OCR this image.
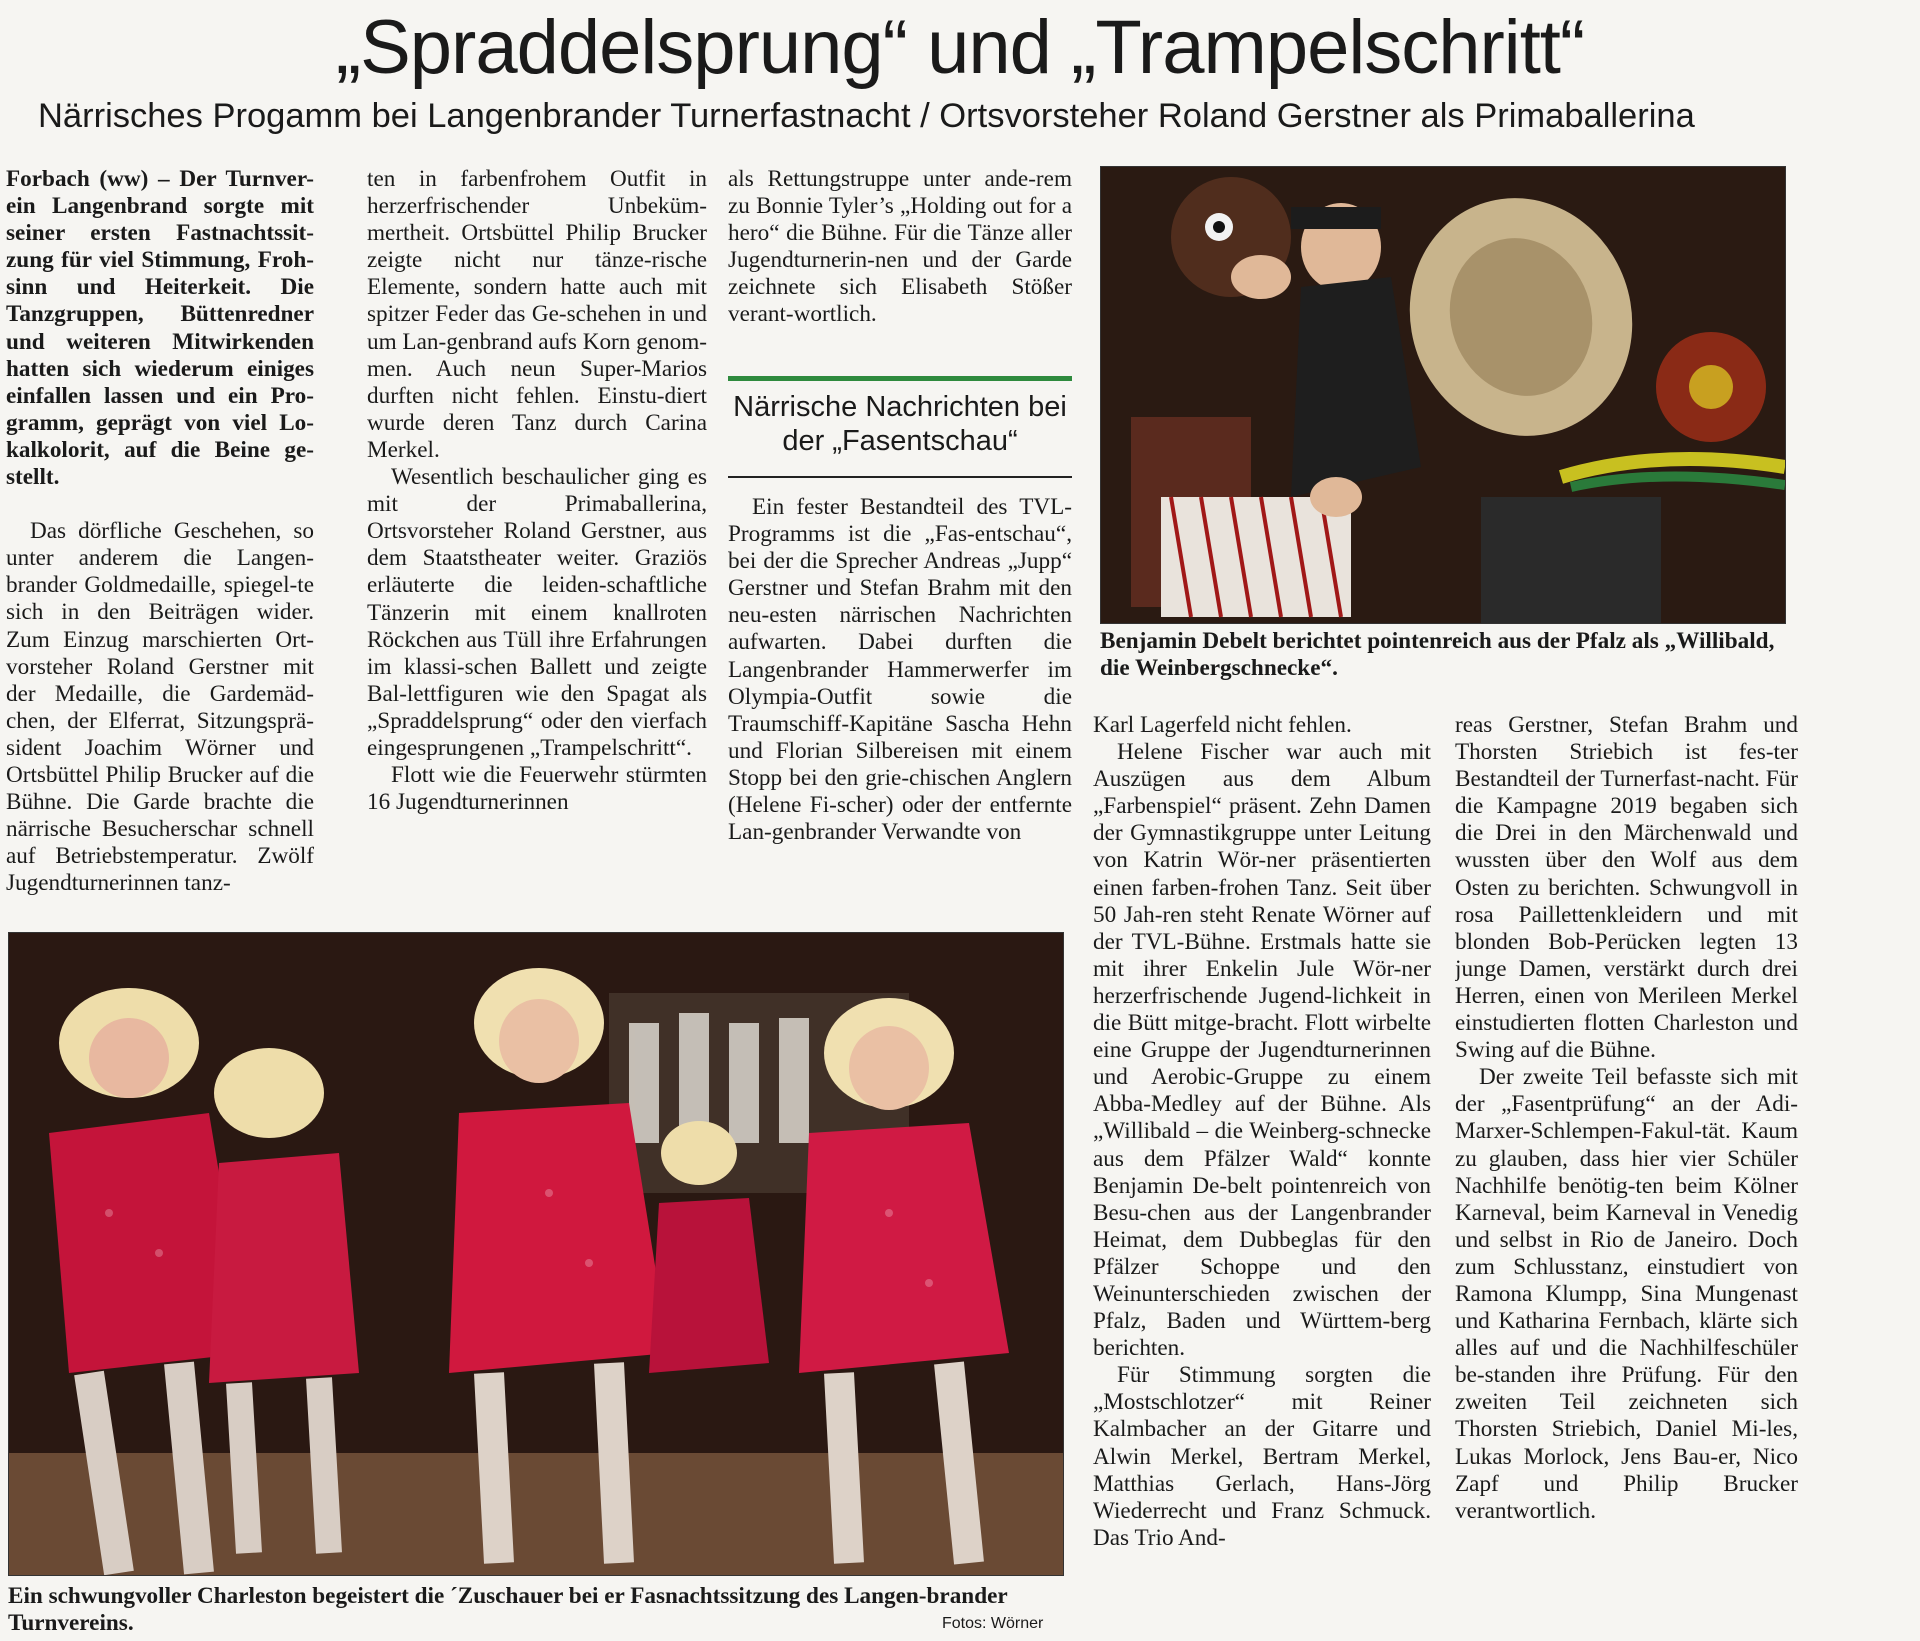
„Spraddelsprung“ und „Trampelschritt“
Närrisches Progamm bei Langenbrander Turnerfastnacht / Ortsvorsteher Roland Gerstner als Primaballerina

Forbach (ww) – Der Turnver-ein Langenbrand sorgte mit seiner ersten Fastnachtssit-zung für viel Stimmung, Froh-sinn und Heiterkeit. Die Tanzgruppen, Büttenredner und weiteren Mitwirkenden hatten sich wiederum einiges einfallen lassen und ein Pro-gramm, geprägt von viel Lo-kalkolorit, auf die Beine ge-stellt.

Das dörfliche Geschehen, so unter anderem die Langen-brander Goldmedaille, spiegel-te sich in den Beiträgen wider. Zum Einzug marschierten Ort-vorsteher Roland Gerstner mit der Medaille, die Gardemäd-chen, der Elferrat, Sitzungsprä-sident Joachim Wörner und Ortsbüttel Philip Brucker auf die Bühne. Die Garde brachte die närrische Besucherschar schnell auf Betriebstemperatur. Zwölf Jugendturnerinnen tanz-

ten in farbenfrohem Outfit in herzerfrischender Unbeküm-mertheit. Ortsbüttel Philip Brucker zeigte nicht nur tänze-rische Elemente, sondern hatte auch mit spitzer Feder das Ge-schehen in und um Lan-genbrand aufs Korn genom-men. Auch neun Super-Marios durften nicht fehlen. Einstu-diert wurde deren Tanz durch Carina Merkel.

Wesentlich beschaulicher ging es mit der Primaballerina, Ortsvorsteher Roland Gerstner, aus dem Staatstheater weiter. Graziös erläuterte die leiden-schaftliche Tänzerin mit einem knallroten Röckchen aus Tüll ihre Erfahrungen im klassi-schen Ballett und zeigte Bal-lettfiguren wie den Spagat als „Spraddelsprung“ oder den vierfach eingesprungenen „Trampelschritt“.

Flott wie die Feuerwehr stürmten 16 Jugendturnerinnen

als Rettungstruppe unter ande-rem zu Bonnie Tyler’s „Holding out for a hero“ die Bühne. Für die Tänze aller Jugendturnerin-nen und der Garde zeichnete sich Elisabeth Stößer verant-wortlich.

Närrische Nachrichten bei der „Fasentschau“

Ein fester Bestandteil des TVL-Programms ist die „Fas-entschau“, bei der die Sprecher Andreas „Jupp“ Gerstner und Stefan Brahm mit den neu-esten närrischen Nachrichten aufwarten. Dabei durften die Langenbrander Hammerwerfer im Olympia-Outfit sowie die Traumschiff-Kapitäne Sascha Hehn und Florian Silbereisen mit einem Stopp bei den grie-chischen Anglern (Helene Fi-scher) oder der entfernte Lan-genbrander Verwandte von

Benjamin Debelt berichtet pointenreich aus der Pfalz als „Willibald, die Weinbergschnecke“.

Ein schwungvoller Charleston begeistert die ´Zuschauer bei er Fasnachtssitzung des Langen-brander Turnvereins.	Fotos: Wörner

Karl Lagerfeld nicht fehlen.

Helene Fischer war auch mit Auszügen aus dem Album „Farbenspiel“ präsent. Zehn Damen der Gymnastikgruppe unter Leitung von Katrin Wör-ner präsentierten einen farben-frohen Tanz. Seit über 50 Jah-ren steht Renate Wörner auf der TVL-Bühne. Erstmals hatte sie mit ihrer Enkelin Jule Wör-ner herzerfrischende Jugend-lichkeit in die Bütt mitge-bracht. Flott wirbelte eine Gruppe der Jugendturnerinnen und Aerobic-Gruppe zu einem Abba-Medley auf der Bühne. Als „Willibald – die Weinberg-schnecke aus dem Pfälzer Wald“ konnte Benjamin De-belt pointenreich von Besu-chen aus der Langenbrander Heimat, dem Dubbeglas für den Pfälzer Schoppe und den Weinunterschieden zwischen der Pfalz, Baden und Württem-berg berichten.

Für Stimmung sorgten die „Mostschlotzer“ mit Reiner Kalmbacher an der Gitarre und Alwin Merkel, Bertram Merkel, Matthias Gerlach, Hans-Jörg Wiederrecht und Franz Schmuck. Das Trio And-

reas Gerstner, Stefan Brahm und Thorsten Striebich ist fes-ter Bestandteil der Turnerfast-nacht. Für die Kampagne 2019 begaben sich die Drei in den Märchenwald und wussten über den Wolf aus dem Osten zu berichten. Schwungvoll in rosa Paillettenkleidern und mit blonden Bob-Perücken legten 13 junge Damen, verstärkt durch drei Herren, einen von Merileen Merkel einstudierten flotten Charleston und Swing auf die Bühne.

Der zweite Teil befasste sich mit der „Fasentprüfung“ an der Adi-Marxer-Schlempen-Fakul-tät. Kaum zu glauben, dass hier vier Schüler Nachhilfe benötig-ten beim Kölner Karneval, beim Karneval in Venedig und selbst in Rio de Janeiro. Doch zum Schlusstanz, einstudiert von Ramona Klumpp, Sina Mungenast und Katharina Fernbach, klärte sich alles auf und die Nachhilfeschüler be-standen ihre Prüfung. Für den zweiten Teil zeichneten sich Thorsten Striebich, Daniel Mi-les, Lukas Morlock, Jens Bau-er, Nico Zapf und Philip Brucker verantwortlich.
